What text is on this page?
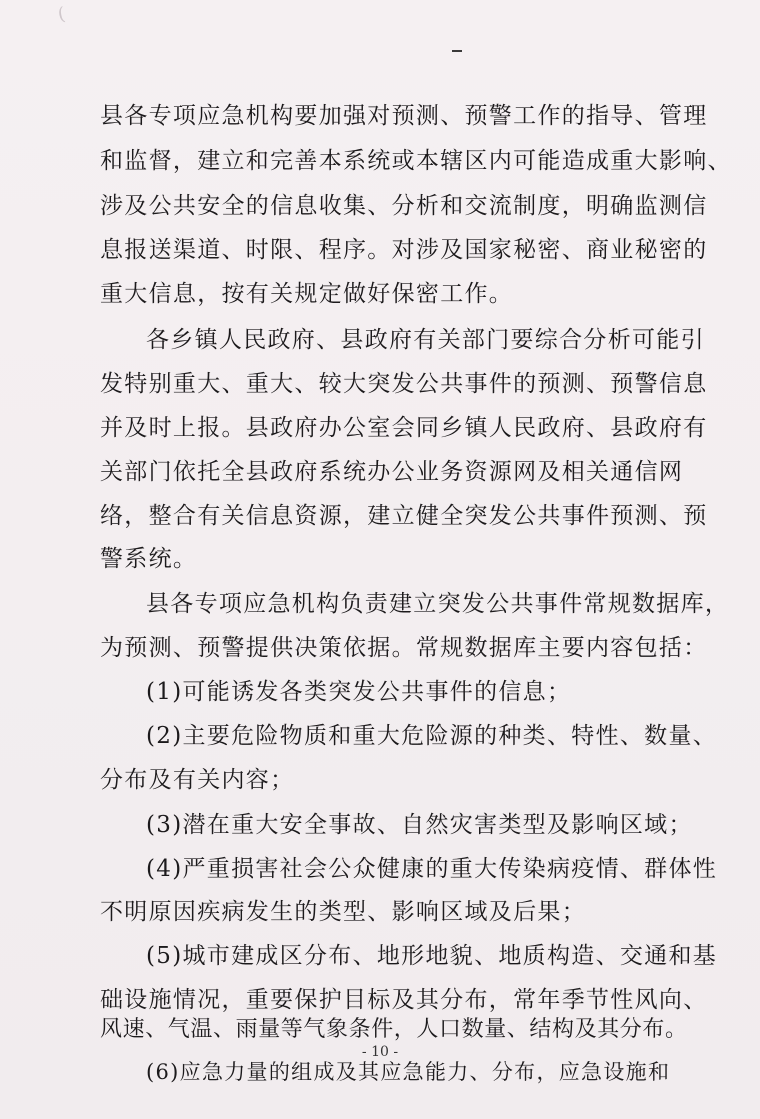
(
县各专项应急机构要加强对预测、预警工作的指导、管理
和监督，建立和完善本系统或本辖区内可能造成重大影响、
涉及公共安全的信息收集、分析和交流制度，明确监测信
息报送渠道、时限、程序。对涉及国家秘密、商业秘密的
重大信息，按有关规定做好保密工作。
各乡镇人民政府、县政府有关部门要综合分析可能引
发特别重大、重大、较大突发公共事件的预测、预警信息
并及时上报。县政府办公室会同乡镇人民政府、县政府有
关部门依托全县政府系统办公业务资源网及相关通信网
络，整合有关信息资源，建立健全突发公共事件预测、预
警系统。
县各专项应急机构负责建立突发公共事件常规数据库，
为预测、预警提供决策依据。常规数据库主要内容包括：
(1)可能诱发各类突发公共事件的信息；
(2)主要危险物质和重大危险源的种类、特性、数量、
分布及有关内容；
(3)潜在重大安全事故、自然灾害类型及影响区域；
(4)严重损害社会公众健康的重大传染病疫情、群体性
不明原因疾病发生的类型、影响区域及后果；
(5)城市建成区分布、地形地貌、地质构造、交通和基
础设施情况，重要保护目标及其分布，常年季节性风向、
风速、气温、雨量等气象条件，人口数量、结构及其分布。
(6)应急力量的组成及其应急能力、分布，应急设施和
- 10 -
